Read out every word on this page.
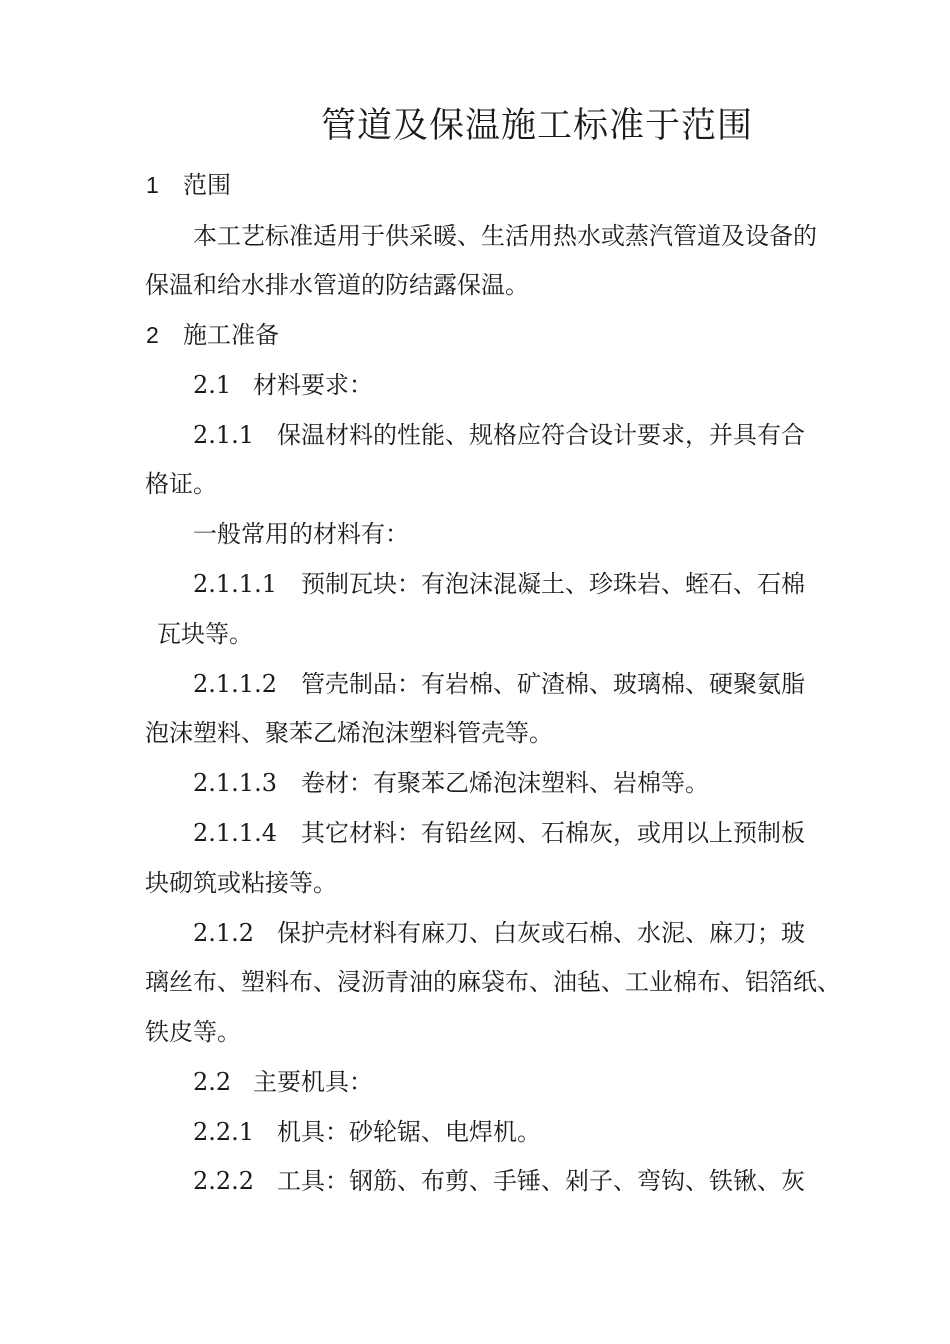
管道及保温施工标准于范围
1 范围
本工艺标准适用于供采暖、生活用热水或蒸汽管道及设备的
保温和给水排水管道的防结露保温。
2 施工准备
2.1 材料要求：
2.1.1 保温材料的性能、规格应符合设计要求，并具有合
格证。
一般常用的材料有：
2.1.1.1 预制瓦块：有泡沫混凝土、珍珠岩、蛭石、石棉
瓦块等。
2.1.1.2 管壳制品：有岩棉、矿渣棉、玻璃棉、硬聚氨脂
泡沫塑料、聚苯乙烯泡沫塑料管壳等。
2.1.1.3 卷材：有聚苯乙烯泡沫塑料、岩棉等。
2.1.1.4 其它材料：有铅丝网、石棉灰，或用以上预制板
块砌筑或粘接等。
2.1.2 保护壳材料有麻刀、白灰或石棉、水泥、麻刀；玻
璃丝布、塑料布、浸沥青油的麻袋布、油毡、工业棉布、铝箔纸、
铁皮等。
2.2 主要机具：
2.2.1 机具：砂轮锯、电焊机。
2.2.2 工具：钢筋、布剪、手锤、剁子、弯钩、铁锹、灰
